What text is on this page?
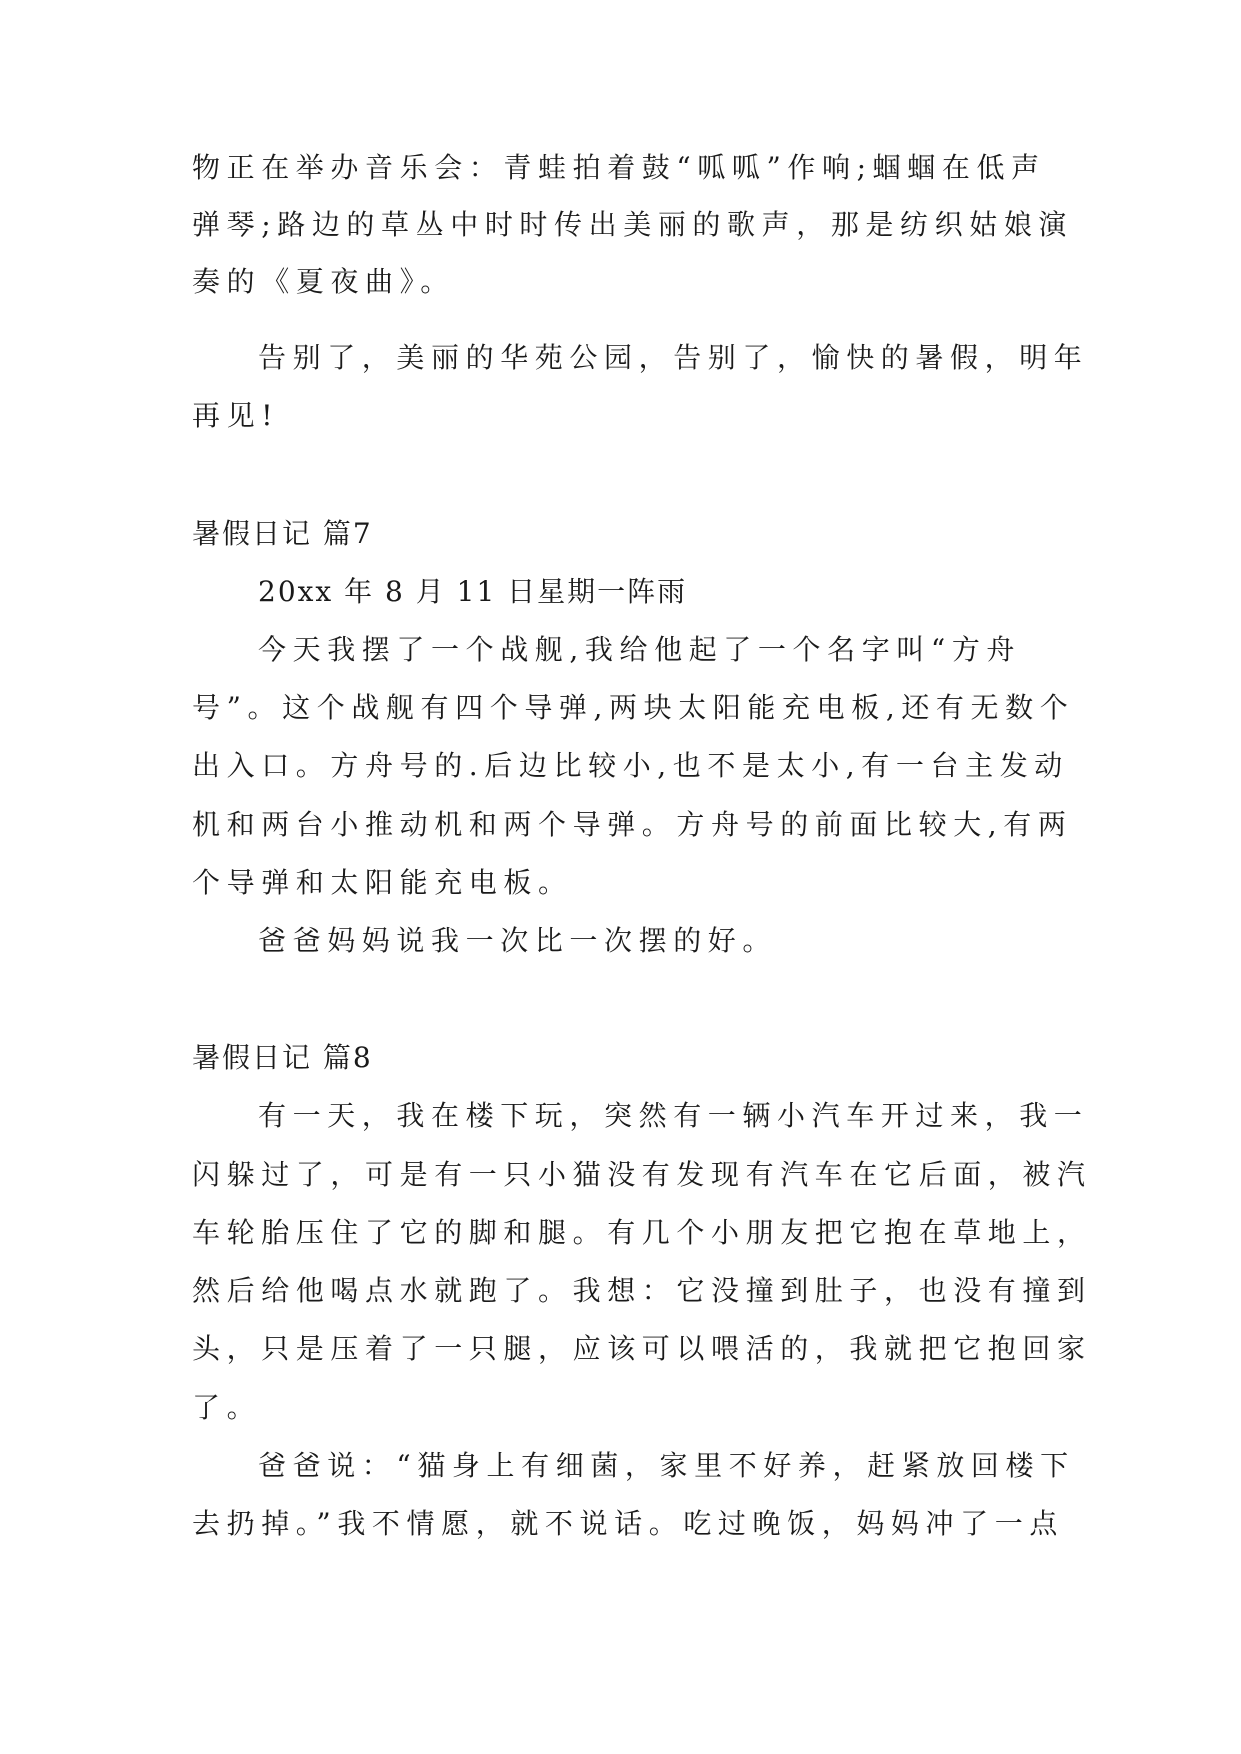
物正在举办音乐会：青蛙拍着鼓“呱呱”作响;蝈蝈在低声
弹琴;路边的草丛中时时传出美丽的歌声，那是纺织姑娘演
奏的《夏夜曲》。
告别了，美丽的华苑公园，告别了，愉快的暑假，明年
再见!
暑假日记 篇7
20xx 年 8 月 11 日星期一阵雨
今天我摆了一个战舰,我给他起了一个名字叫“方舟
号”。这个战舰有四个导弹,两块太阳能充电板,还有无数个
出入口。方舟号的.后边比较小,也不是太小,有一台主发动
机和两台小推动机和两个导弹。方舟号的前面比较大,有两
个导弹和太阳能充电板。
爸爸妈妈说我一次比一次摆的好。
暑假日记 篇8
有一天，我在楼下玩，突然有一辆小汽车开过来，我一
闪躲过了，可是有一只小猫没有发现有汽车在它后面，被汽
车轮胎压住了它的脚和腿。有几个小朋友把它抱在草地上，
然后给他喝点水就跑了。我想：它没撞到肚子，也没有撞到
头，只是压着了一只腿，应该可以喂活的，我就把它抱回家
了。
爸爸说：“猫身上有细菌，家里不好养，赶紧放回楼下
去扔掉。”我不情愿，就不说话。吃过晚饭，妈妈冲了一点
